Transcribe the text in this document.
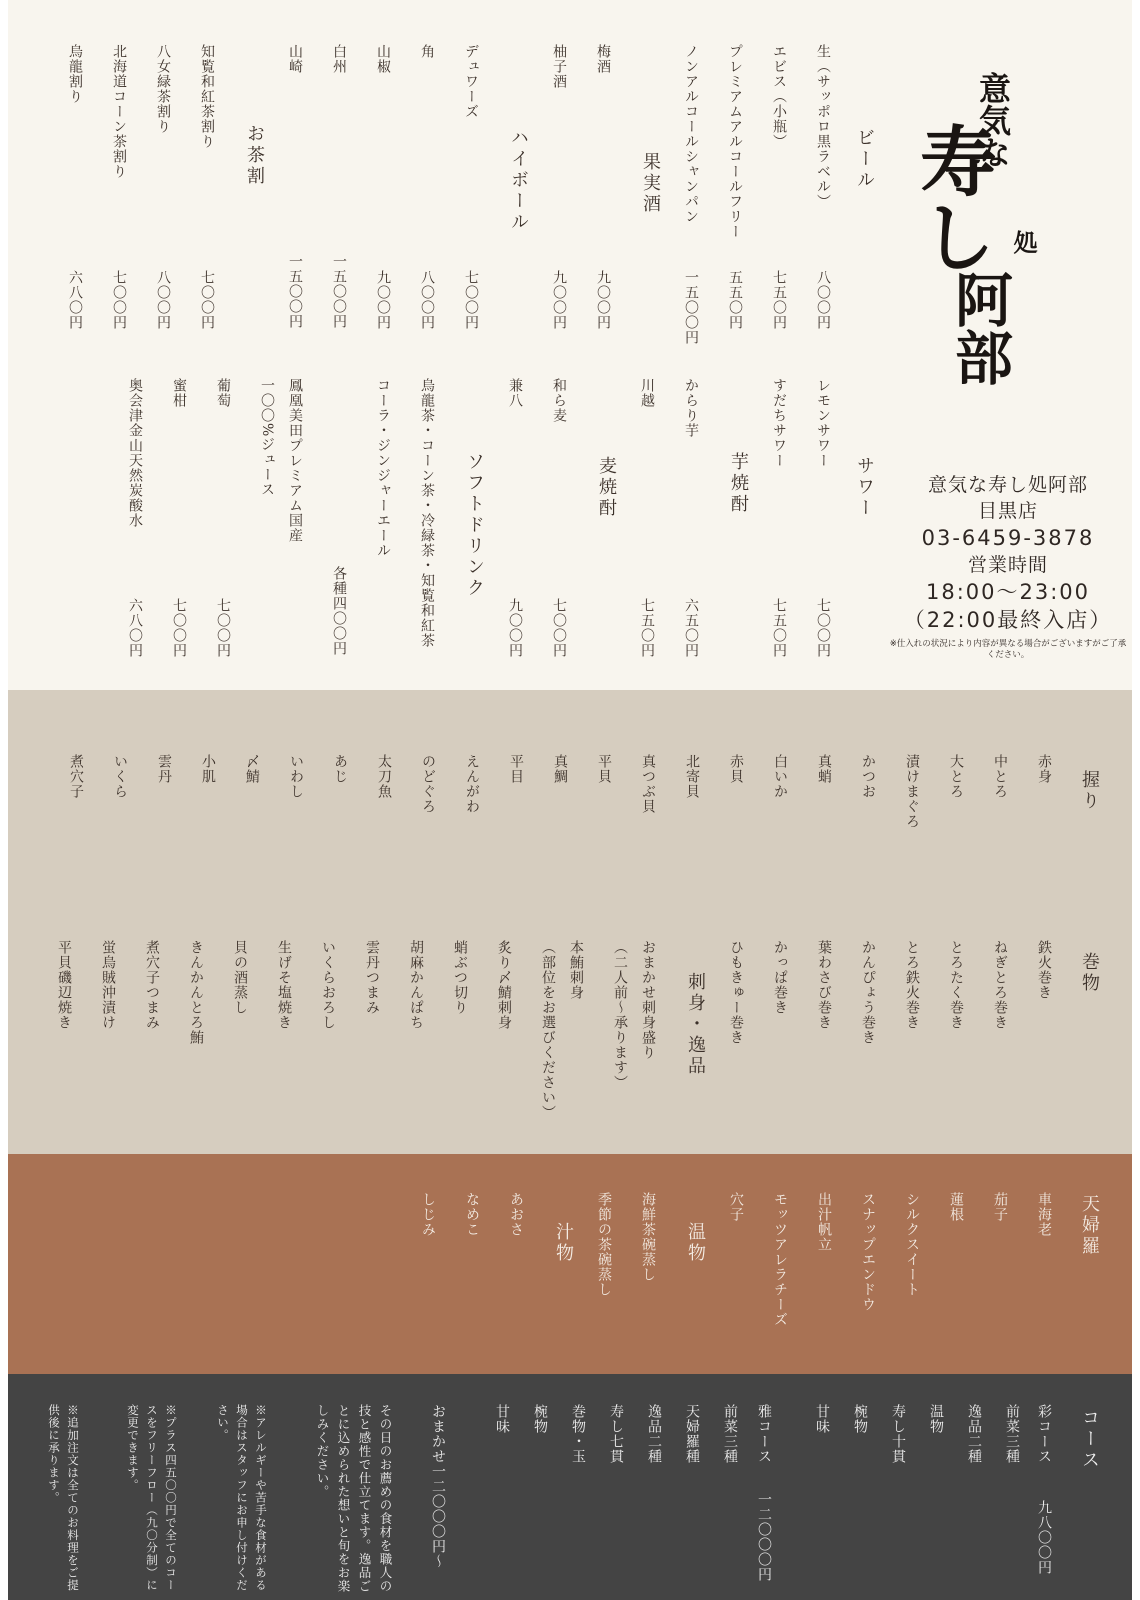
意気な
寿し 処
阿部
意気な寿し処阿部
目黒店
03-6459-3878
営業時間
18:00～23:00
（22:00最終入店）
※仕入れの状況により内容が異なる場合がございますがご了承ください。
ビール
生（サッポロ黒ラベル）
八〇〇円
エビス（小瓶）
七五〇円
プレミアムアルコールフリー
五五〇円
ノンアルコールシャンパン
一五〇〇円
果実酒
梅酒
九〇〇円
柚子酒
九〇〇円
ハイボール
デュワーズ
七〇〇円
角
八〇〇円
山椒
九〇〇円
白州
一五〇〇円
山崎
一五〇〇円
お茶割
知覧和紅茶割り
七〇〇円
八女緑茶割り
八〇〇円
北海道コーン茶割り
七〇〇円
烏龍割り
六八〇円
サワー
レモンサワー
七〇〇円
すだちサワー
七五〇円
芋焼酎
からり芋
六五〇円
川越
七五〇円
麦焼酎
和ら麦
七〇〇円
兼八
九〇〇円
ソフトドリンク
烏龍茶・コーン茶・冷緑茶・知覧和紅茶
コーラ・ジンジャーエール
各種四〇〇円
鳳凰美田プレミアム国産
一〇〇%ジュース
葡萄
七〇〇円
蜜柑
七〇〇円
奥会津金山天然炭酸水
六八〇円
握り
赤身
中とろ
大とろ
漬けまぐろ
かつお
真蛸
白いか
赤貝
北寄貝
真つぶ貝
平貝
真鯛
平目
えんがわ
のどぐろ
太刀魚
あじ
いわし
〆鯖
小肌
雲丹
いくら
煮穴子
巻物
鉄火巻き
ねぎとろ巻き
とろたく巻き
とろ鉄火巻き
かんぴょう巻き
葉わさび巻き
かっぱ巻き
ひもきゅー巻き
刺身・逸品
おまかせ刺身盛り
（二人前～承ります）
本鮪刺身
（部位をお選びください）
炙り〆鯖刺身
蛸ぶつ切り
胡麻かんぱち
雲丹つまみ
いくらおろし
生げそ塩焼き
貝の酒蒸し
きんかんとろ鮪
煮穴子つまみ
蛍烏賊沖漬け
平貝磯辺焼き
天婦羅
車海老
茄子
蓮根
シルクスイート
スナップエンドウ
出汁帆立
モッツアレラチーズ
穴子
温物
海鮮茶碗蒸し
季節の茶碗蒸し
汁物
あおさ
なめこ
しじみ
コース
彩コース
九八〇〇円
前菜三種
逸品二種
温物
寿し十貫
椀物
甘味
雅コース
一二〇〇〇円
前菜三種
天婦羅種
逸品二種
寿し七貫
巻物・玉
椀物
甘味
おまかせ一二〇〇〇円～
その日のお薦めの食材を職人の技と感性で仕立てます。逸品ごとに込められた想いと旬をお楽しみください。
※アレルギーや苦手な食材がある場合はスタッフにお申し付けください。
※プラス四五〇〇円で全てのコースをフリーフロー（九〇分制）に変更できます。
※追加注文は全てのお料理をご提供後に承ります。
